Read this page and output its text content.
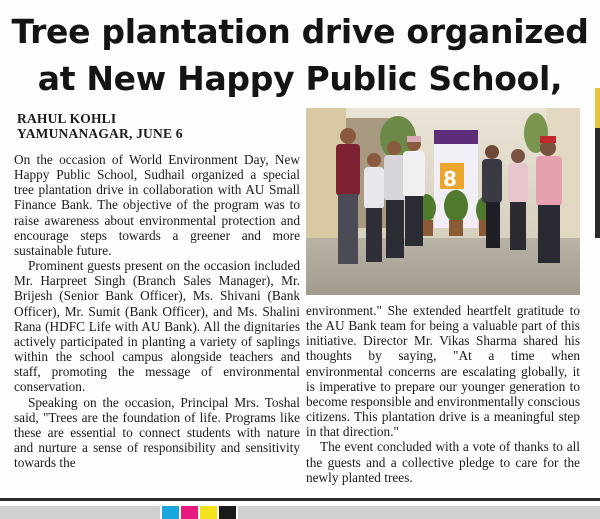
Tree plantation drive organized
at New Happy Public School,
RAHUL KOHLI
YAMUNANAGAR, JUNE 6
8

On the occasion of World Environment Day, New Happy Public School, Sudhail organized a special tree plantation drive in collaboration with AU Small Finance Bank. The objective of the program was to raise awareness about environmental protection and encourage steps towards a greener and more sustainable future.

Prominent guests present on the occasion included Mr. Harpreet Singh (Branch Sales Manager), Mr. Brijesh (Senior Bank Officer), Ms. Shivani (Bank Officer), Mr. Sumit (Bank Officer), and Ms. Shalini Rana (HDFC Life with AU Bank). All the dignitaries actively participated in planting a variety of saplings within the school campus alongside teachers and staff, promoting the message of environmental conservation.

Speaking on the occasion, Principal Mrs. Toshal said, "Trees are the foundation of life. Programs like these are essential to connect students with nature and nurture a sense of responsibility and sensitivity towards the

environment." She extended heartfelt gratitude to the AU Bank team for being a valuable part of this initiative. Director Mr. Vikas Sharma shared his thoughts by saying, "At a time when environmental concerns are escalating globally, it is imperative to prepare our younger generation to become responsible and environmentally conscious citizens. This plantation drive is a meaningful step in that direction."

The event concluded with a vote of thanks to all the guests and a collective pledge to care for the newly planted trees.
